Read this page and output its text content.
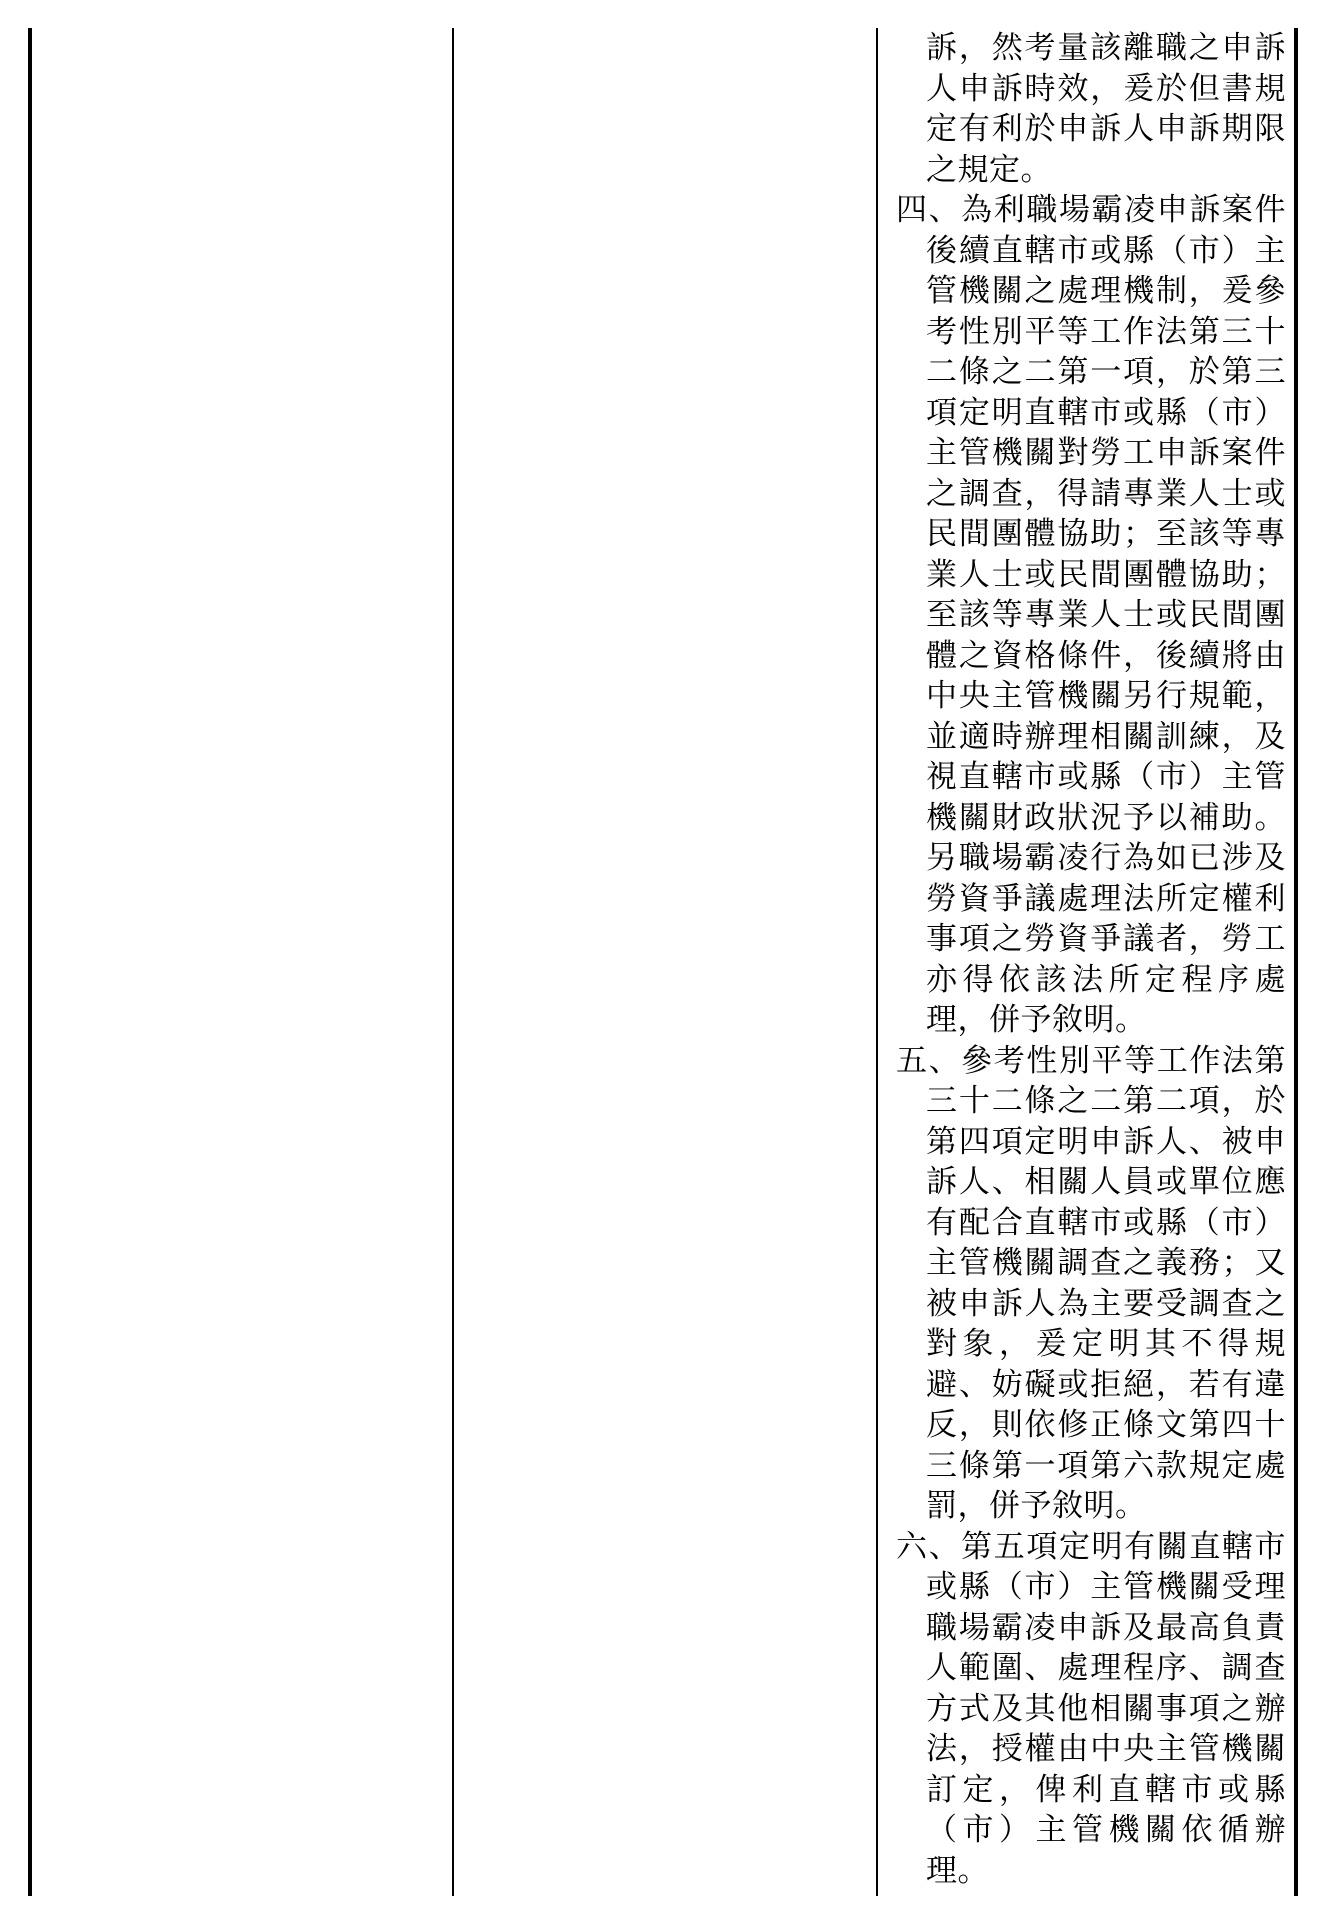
訴，然考量該離職之申訴人申訴時效，爰於但書規定有利於申訴人申訴期限之規定。

四、為利職場霸凌申訴案件後續直轄市或縣（市）主管機關之處理機制，爰參考性別平等工作法第三十二條之二第一項，於第三項定明直轄市或縣（市）主管機關對勞工申訴案件之調查，得請專業人士或民間團體協助；至該等專業人士或民間團體協助；至該等專業人士或民間團體之資格條件，後續將由中央主管機關另行規範，並適時辦理相關訓練，及視直轄市或縣（市）主管機關財政狀況予以補助。另職場霸凌行為如已涉及勞資爭議處理法所定權利事項之勞資爭議者，勞工亦得依該法所定程序處理，併予敘明。

五、參考性別平等工作法第三十二條之二第二項，於第四項定明申訴人、被申訴人、相關人員或單位應有配合直轄市或縣（市）主管機關調查之義務；又被申訴人為主要受調查之對象，爰定明其不得規避、妨礙或拒絕，若有違反，則依修正條文第四十三條第一項第六款規定處罰，併予敘明。

六、第五項定明有關直轄市或縣（市）主管機關受理職場霸凌申訴及最高負責人範圍、處理程序、調查方式及其他相關事項之辦法，授權由中央主管機關訂定，俾利直轄市或縣（市）主管機關依循辦理。
